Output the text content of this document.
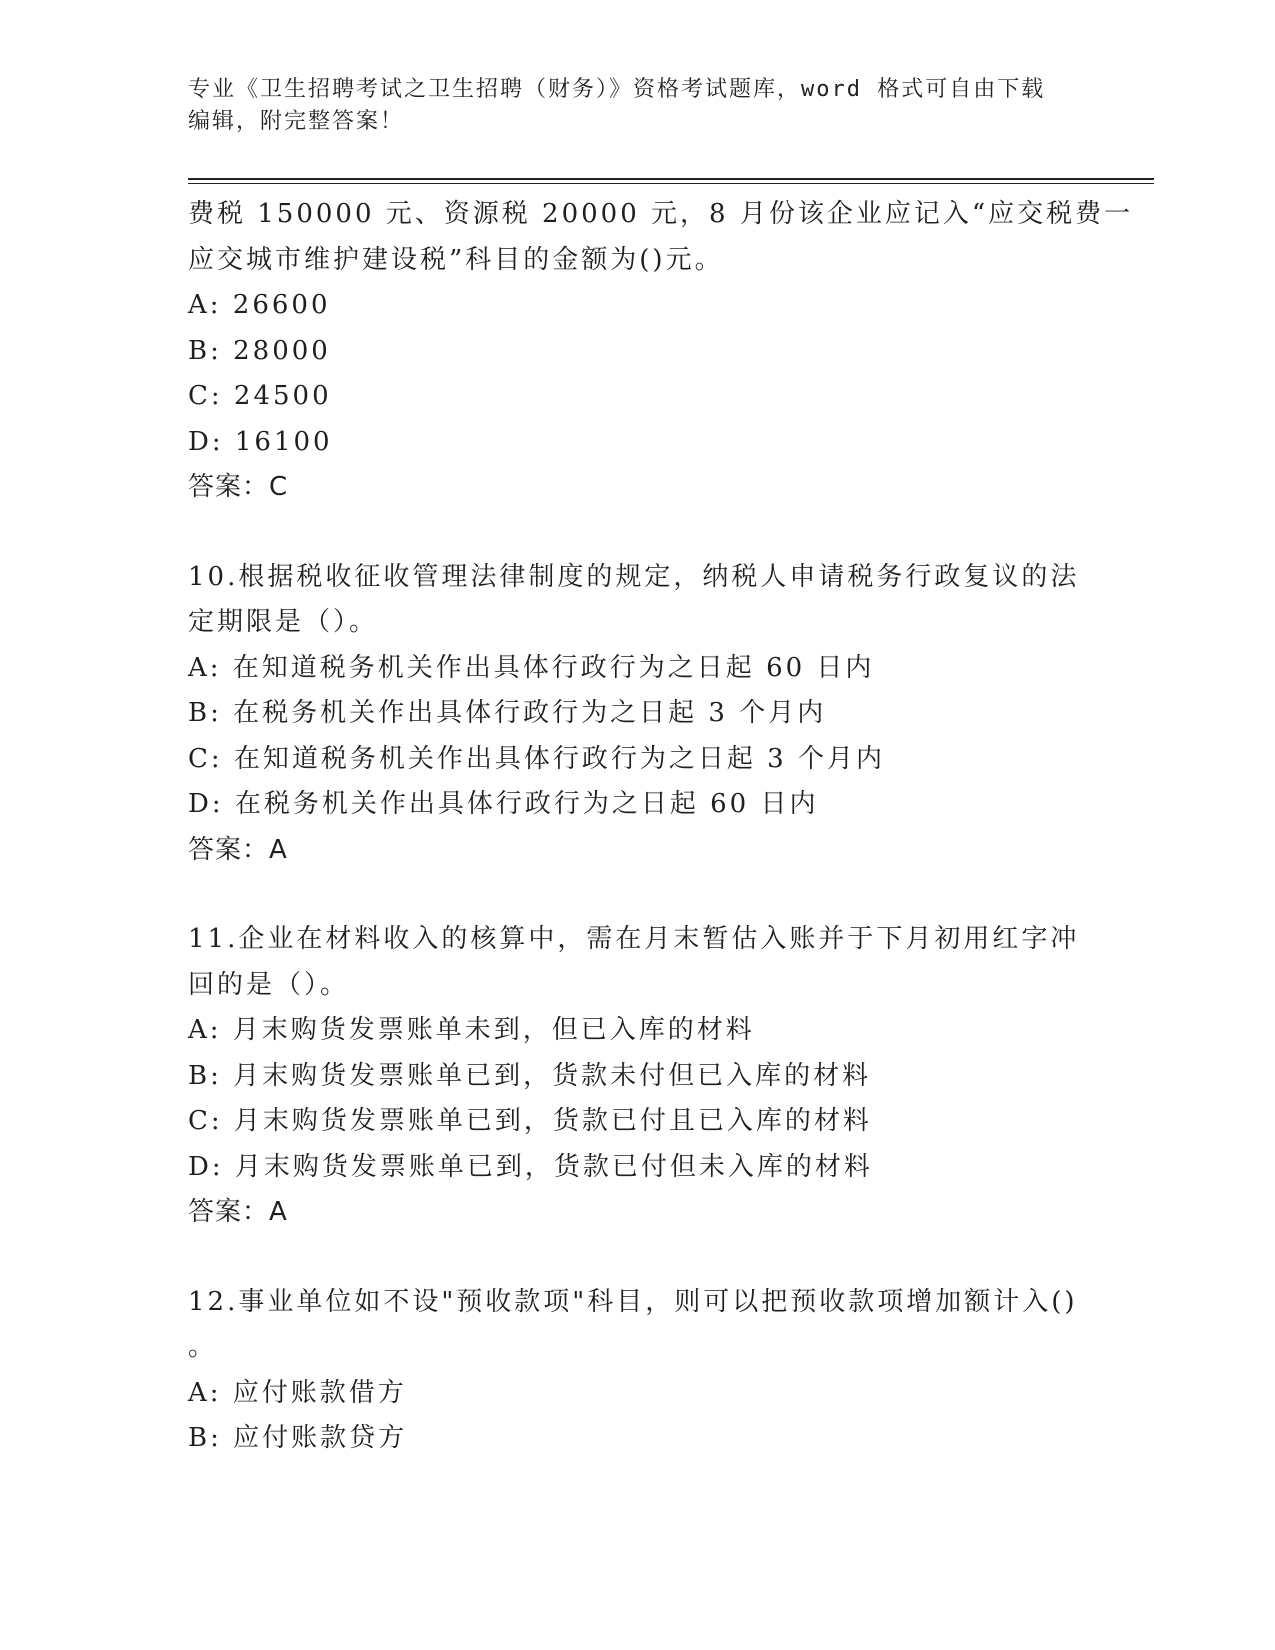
专业《卫生招聘考试之卫生招聘（财务）》资格考试题库，word 格式可自由下载
编辑，附完整答案！
费税 150000 元、资源税 20000 元，8 月份该企业应记入“应交税费一
应交城市维护建设税”科目的金额为()元。
A: 26600
B: 28000
C: 24500
D: 16100
答案：C
10.根据税收征收管理法律制度的规定，纳税人申请税务行政复议的法
定期限是（）。
A: 在知道税务机关作出具体行政行为之日起 60 日内
B: 在税务机关作出具体行政行为之日起 3 个月内
C: 在知道税务机关作出具体行政行为之日起 3 个月内
D: 在税务机关作出具体行政行为之日起 60 日内
答案：A
11.企业在材料收入的核算中，需在月末暂估入账并于下月初用红字冲
回的是（）。
A: 月末购货发票账单未到，但已入库的材料
B: 月末购货发票账单已到，货款未付但已入库的材料
C: 月末购货发票账单已到，货款已付且已入库的材料
D: 月末购货发票账单已到，货款已付但未入库的材料
答案：A
12.事业单位如不设"预收款项"科目，则可以把预收款项增加额计入()
。
A: 应付账款借方
B: 应付账款贷方
